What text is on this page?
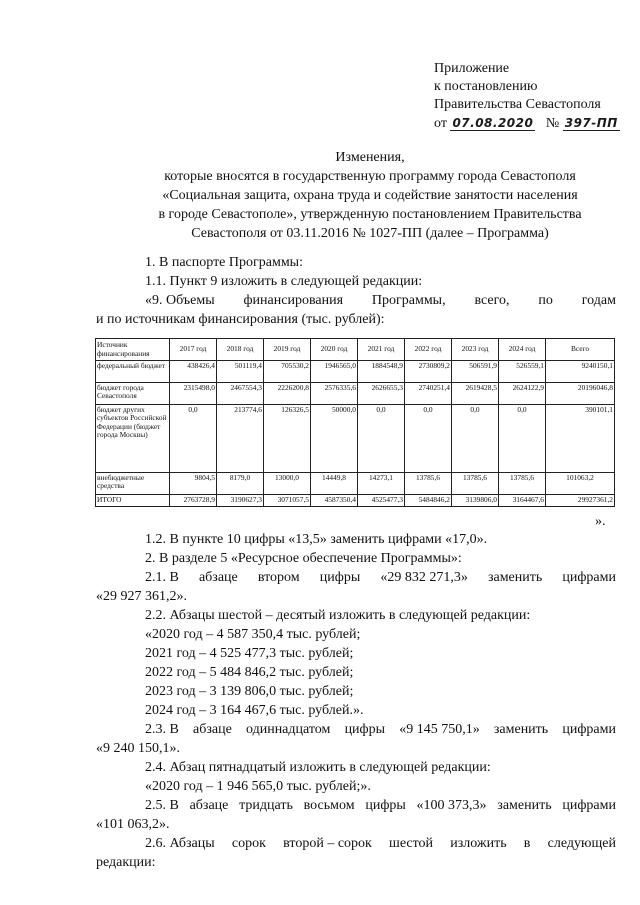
Приложение
к постановлению
Правительства Севастополя
от 07.08.2020 № 397-ПП
Изменения,
которые вносятся в государственную программу города Севастополя
«Социальная защита, охрана труда и содействие занятости населения
в городе Севастополе», утвержденную постановлением Правительства
Севастополя от 03.11.2016 № 1027-ПП (далее – Программа)
1. В паспорте Программы:
1.1. Пункт 9 изложить в следующей редакции:
«9. Объемы финансирования Программы, всего, по годам
и по источникам финансирования (тыс. рублей):
Источник финансирования	2017 год	2018 год	2019 год	2020 год	2021 год	2022 год	2023 год	2024 год	Всего
федеральный бюджет	438426,4	501119,4	705530,2	1946565,0	1884548,9	2730809,2	506591,9	526559,1	9240150,1
бюджет города Севастополя	2315498,0	2467554,3	2226200,8	2576335,6	2626655,3	2740251,4	2619428,5	2624122,9	20196046,8
бюджет других субъектов Российской Федерации (бюджет города Москвы)	0,0	213774,6	126326,5	50000,0	0,0	0,0	0,0	0,0	390101,1
внебюджетные средства	9804,5	8179,0	13000,0	14449,8	14273,1	13785,6	13785,6	13785,6	101063,2
ИТОГО	2763728,9	3190627,3	3071057,5	4587350,4	4525477,3	5484846,2	3139806,0	3164467,6	29927361,2
».
1.2. В пункте 10 цифры «13,5» заменить цифрами «17,0».
2. В разделе 5 «Ресурсное обеспечение Программы»:
2.1. В абзаце втором цифры «29 832 271,3» заменить цифрами
«29 927 361,2».
2.2. Абзацы шестой – десятый изложить в следующей редакции:
«2020 год – 4 587 350,4 тыс. рублей;
2021 год – 4 525 477,3 тыс. рублей;
2022 год – 5 484 846,2 тыс. рублей;
2023 год – 3 139 806,0 тыс. рублей;
2024 год – 3 164 467,6 тыс. рублей.».
2.3. В абзаце одиннадцатом цифры «9 145 750,1» заменить цифрами
«9 240 150,1».
2.4. Абзац пятнадцатый изложить в следующей редакции:
«2020 год – 1 946 565,0 тыс. рублей;».
2.5. В абзаце тридцать восьмом цифры «100 373,3» заменить цифрами
«101 063,2».
2.6. Абзацы сорок второй – сорок шестой изложить в следующей
редакции:
